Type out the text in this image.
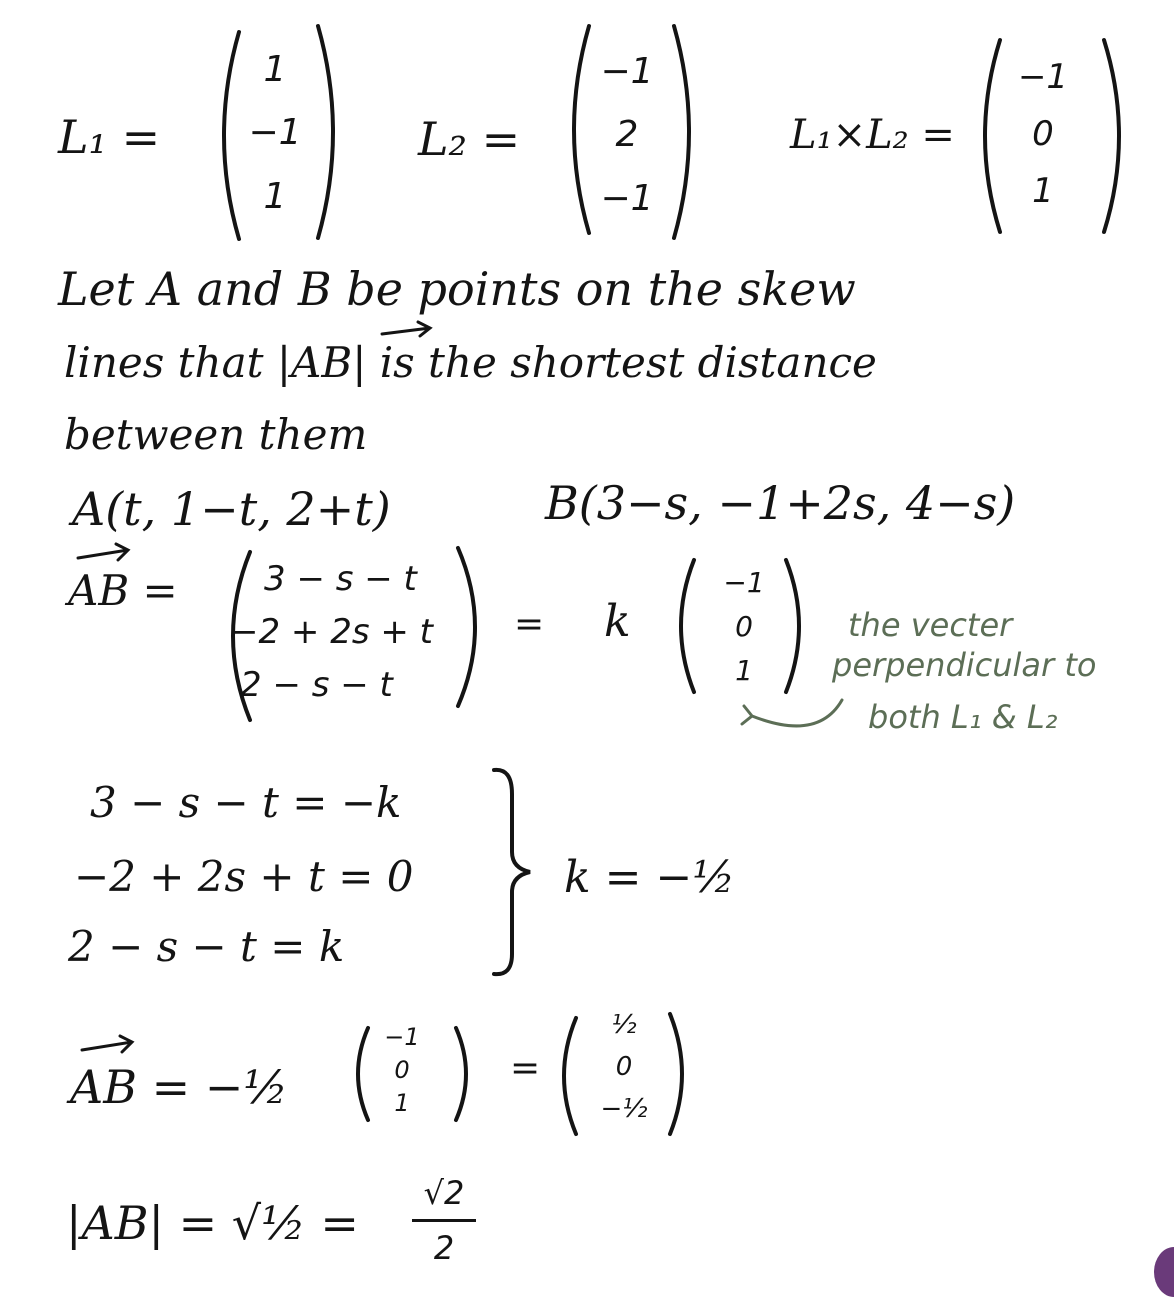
L₁ =
1
−1
1
L₂ =
−1
2
−1
L₁×L₂ =
−1
0
1
Let A and B be points on the skew
lines that |AB| is the shortest distance
between them
A(t, 1−t, 2+t)	B(3−s, −1+2s, 4−s)
AB =	3 − s − t
−2 + 2s + t
2 − s − t
= k
−1
0
1
the vecter
perpendicular to
both L₁ & L₂
3 − s − t = −k
−2 + 2s + t = 0
2 − s − t = k
k = −½
AB = −½
−1
0
1
=
½
0
−½
|AB| = √½ =
√2
2
